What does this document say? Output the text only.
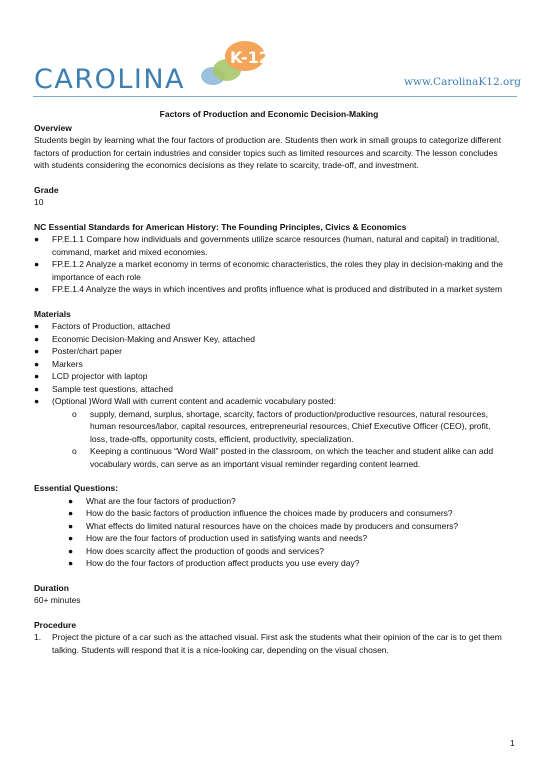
CAROLINA
K-12
www.CarolinaK12.org

Factors of Production and Economic Decision-Making

Overview

Students begin by learning what the four factors of production are. Students then work in small groups to categorize different factors of production for certain industries and consider topics such as limited resources and scarcity. The lesson concludes with students considering the economics decisions as they relate to scarcity, trade-off, and investment.

Grade

10

NC Essential Standards for American History: The Founding Principles, Civics & Economics

●	FP.E.1.1 Compare how individuals and governments utilize scarce resources (human, natural and capital) in traditional, command, market and mixed economies.
●	FP.E.1.2 Analyze a market economy in terms of economic characteristics, the roles they play in decision-making and the importance of each role
●	FP.E.1.4 Analyze the ways in which incentives and profits influence what is produced and distributed in a market system

Materials

●	Factors of Production, attached
●	Economic Decision-Making and Answer Key, attached
●	Poster/chart paper
●	Markers
●	LCD projector with laptop
●	Sample test questions, attached
●	(Optional )Word Wall with current content and academic vocabulary posted:
o supply, demand, surplus, shortage, scarcity, factors of production/productive resources, natural resources, human resources/labor, capital resources, entrepreneurial resources, Chief Executive Officer (CEO), profit, loss, trade-offs, opportunity costs, efficient, productivity, specialization.
o Keeping a continuous “Word Wall” posted in the classroom, on which the teacher and student alike can add vocabulary words, can serve as an important visual reminder regarding content learned.

Essential Questions:

●	What are the four factors of production?
●	How do the basic factors of production influence the choices made by producers and consumers?
●	What effects do limited natural resources have on the choices made by producers and consumers?
●	How are the four factors of production used in satisfying wants and needs?
●	How does scarcity affect the production of goods and services?
●	How do the four factors of production affect products you use every day?

Duration

60+ minutes

Procedure

1. Project the picture of a car such as the attached visual. First ask the students what their opinion of the car is to get them talking. Students will respond that it is a nice-looking car, depending on the visual chosen.
1
